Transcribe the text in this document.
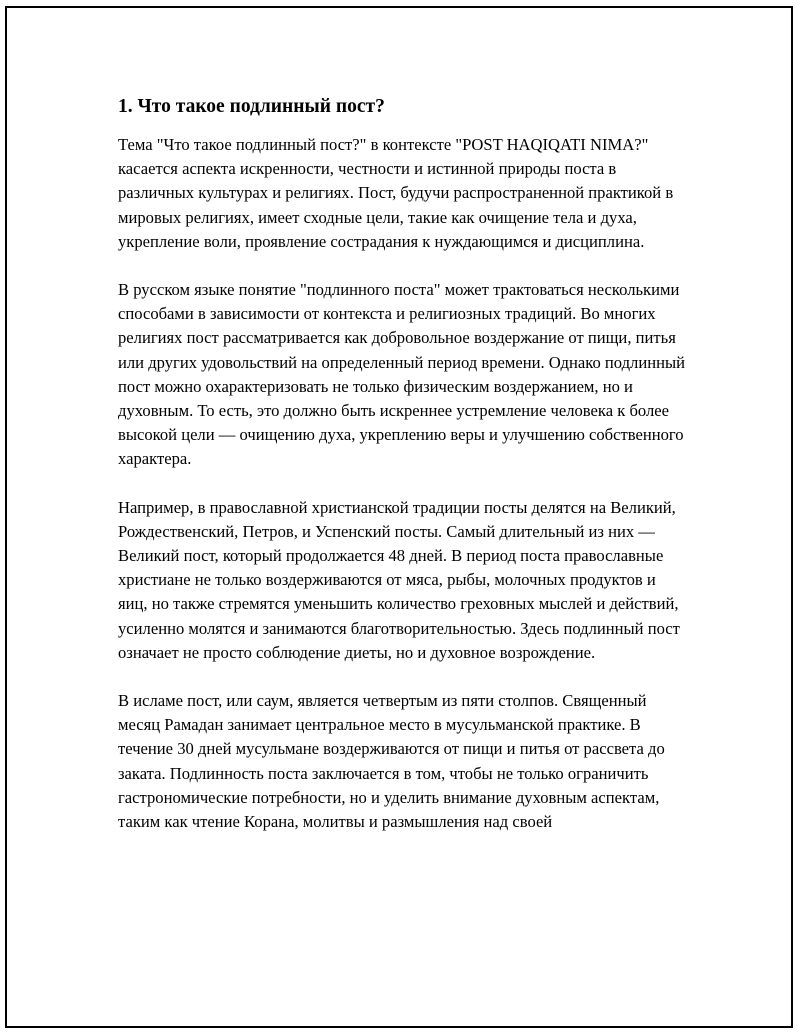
1. Что такое подлинный пост?

Тема "Что такое подлинный пост?" в контексте "POST HAQIQATI NIMA?" касается аспекта искренности, честности и истинной природы поста в различных культурах и религиях. Пост, будучи распространенной практикой в мировых религиях, имеет сходные цели, такие как очищение тела и духа, укрепление воли, проявление сострадания к нуждающимся и дисциплина.

В русском языке понятие "подлинного поста" может трактоваться несколькими способами в зависимости от контекста и религиозных традиций. Во многих религиях пост рассматривается как добровольное воздержание от пищи, питья или других удовольствий на определенный период времени. Однако подлинный пост можно охарактеризовать не только физическим воздержанием, но и духовным. То есть, это должно быть искреннее устремление человека к более высокой цели — очищению духа, укреплению веры и улучшению собственного характера.

Например, в православной христианской традиции посты делятся на Великий, Рождественский, Петров, и Успенский посты. Самый длительный из них — Великий пост, который продолжается 48 дней. В период поста православные христиане не только воздерживаются от мяса, рыбы, молочных продуктов и яиц, но также стремятся уменьшить количество греховных мыслей и действий, усиленно молятся и занимаются благотворительностью. Здесь подлинный пост означает не просто соблюдение диеты, но и духовное возрождение.

В исламе пост, или саум, является четвертым из пяти столпов. Священный месяц Рамадан занимает центральное место в мусульманской практике. В течение 30 дней мусульмане воздерживаются от пищи и питья от рассвета до заката. Подлинность поста заключается в том, чтобы не только ограничить гастрономические потребности, но и уделить внимание духовным аспектам, таким как чтение Корана, молитвы и размышления над своей
